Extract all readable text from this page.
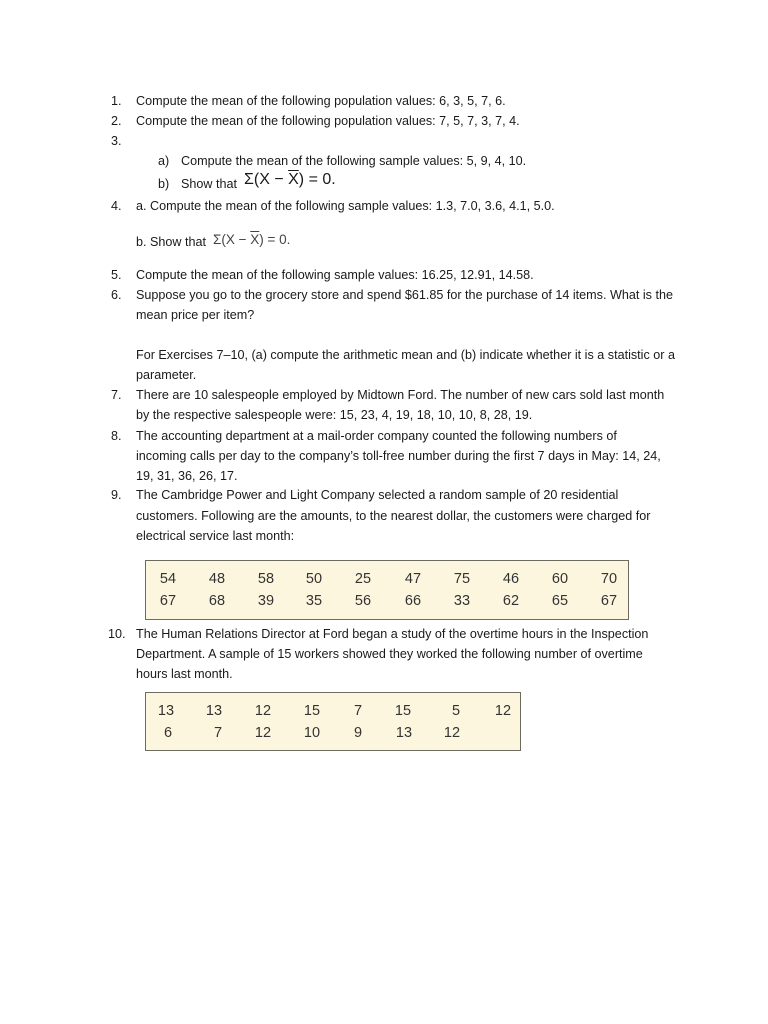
1.	Compute the mean of the following population values: 6, 3, 5, 7, 6.
2.	Compute the mean of the following population values: 7, 5, 7, 3, 7, 4.
3.
a) Compute the mean of the following sample values: 5, 9, 4, 10.
b) Show that $\Sigma(X - \overline{X}) = 0$.
4.	a. Compute the mean of the following sample values: 1.3, 7.0, 3.6, 4.1, 5.0.
b. Show that $\Sigma(X - \overline{X}) = 0$.
5.	Compute the mean of the following sample values: 16.25, 12.91, 14.58.
6.	Suppose you go to the grocery store and spend $61.85 for the purchase of 14 items. What is the
mean price per item?
For Exercises 7–10, (a) compute the arithmetic mean and (b) indicate whether it is a statistic or a
parameter.
7.	There are 10 salespeople employed by Midtown Ford. The number of new cars sold last month
by the respective salespeople were: 15, 23, 4, 19, 18, 10, 10, 8, 28, 19.
8.	The accounting department at a mail-order company counted the following numbers of
incoming calls per day to the company’s toll-free number during the first 7 days in May: 14, 24,
19, 31, 36, 26, 17.
9.	The Cambridge Power and Light Company selected a random sample of 20 residential
customers. Following are the amounts, to the nearest dollar, the customers were charged for
electrical service last month:
54	48	58	50	25	47	75	46	60	70
67	68	39	35	56	66	33	62	65	67
10. The Human Relations Director at Ford began a study of the overtime hours in the Inspection
Department. A sample of 15 workers showed they worked the following number of overtime
hours last month.
13	13	12	15	7	15	5	12
6	7	12	10	9	13	12
